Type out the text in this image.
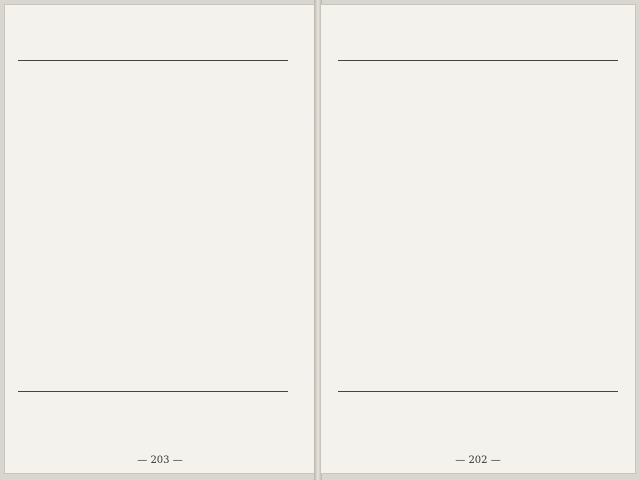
— 203 —	— 202 —
